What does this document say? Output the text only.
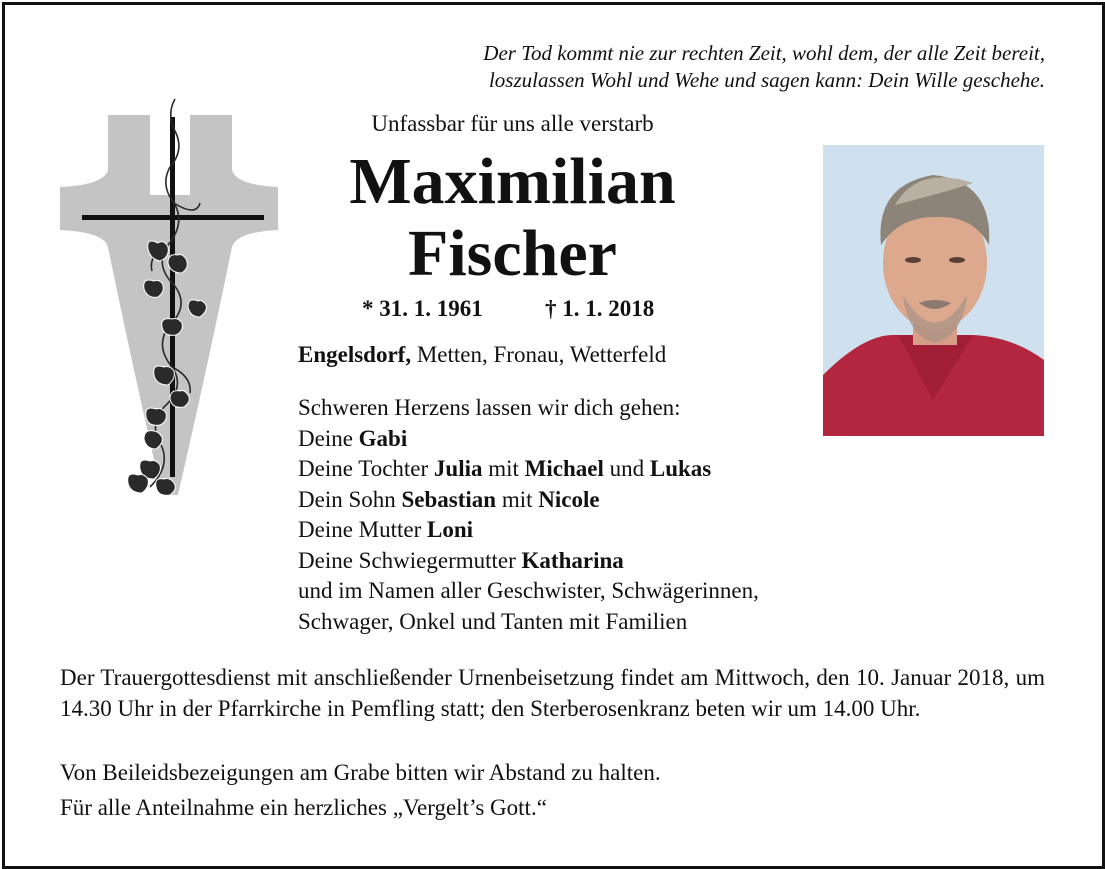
Der Tod kommt nie zur rechten Zeit, wohl dem, der alle Zeit bereit,
loszulassen Wohl und Wehe und sagen kann: Dein Wille geschehe.
Unfassbar für uns alle verstarb
Maximilian
Fischer
* 31. 1. 1961	† 1. 1. 2018
Engelsdorf, Metten, Fronau, Wetterfeld
Schweren Herzens lassen wir dich gehen:
Deine Gabi
Deine Tochter Julia mit Michael und Lukas
Dein Sohn Sebastian mit Nicole
Deine Mutter Loni
Deine Schwiegermutter Katharina
und im Namen aller Geschwister, Schwägerinnen,
Schwager, Onkel und Tanten mit Familien
Der Trauergottesdienst mit anschließender Urnenbeisetzung findet am Mittwoch, den 10. Januar 2018, um 14.30 Uhr in der Pfarrkirche in Pemfling statt; den Sterberosenkranz beten wir um 14.00 Uhr.
Von Beileidsbezeigungen am Grabe bitten wir Abstand zu halten.
Für alle Anteilnahme ein herzliches „Vergelt’s Gott.“
